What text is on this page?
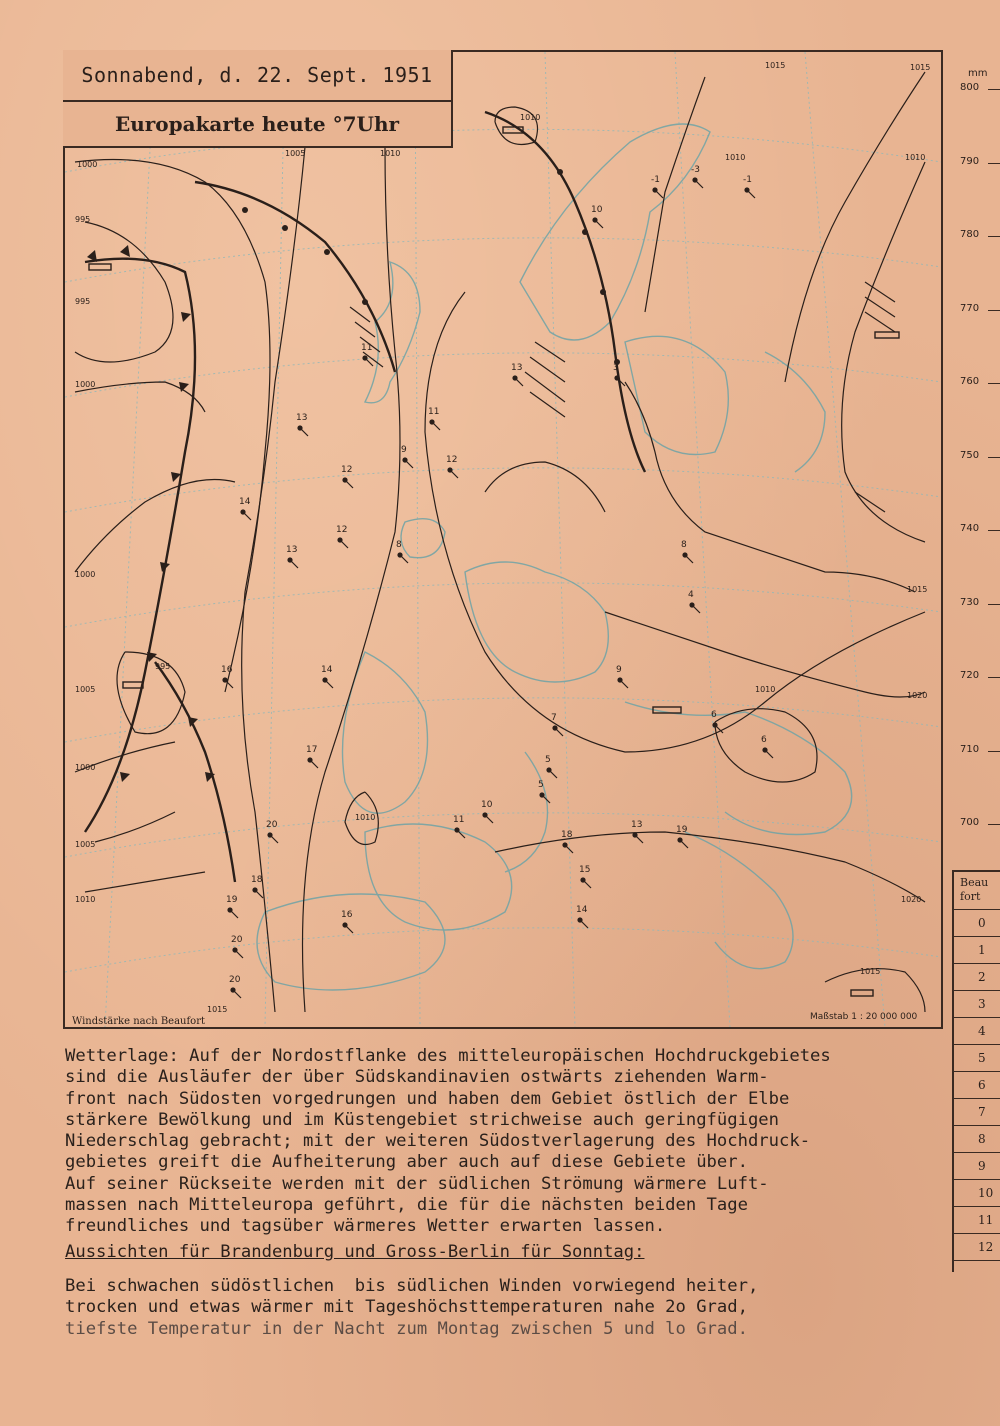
1015	1015
1010
1010
1010
1005	1010
1000
995
995
1000
1000
995
1000
1005
1010
1015
1010
1015
1020
1020
1015
1005	1010
13
12
14
13
12
11
9
11
13
10
12
8
16	14
17
20
18
19
20
20
16
19
14
15
13
18
11
10
7
5
9
3
-1
-3
-1
8
6
4
5
6
Windstärke nach Beaufort	Maßstab 1 : 20 000 000
Sonnabend, d. 22. Sept. 1951
Europakarte heute °7Uhr
mm
800
790
780
770
760
750
740
730
720
710
700
Beau
fort
0
1
2
3
4
5
6
7
8
9
10
11
12
Wetterlage: Auf der Nordostflanke des mitteleuropäischen Hochdruckgebietes
sind die Ausläufer der über Südskandinavien ostwärts ziehenden Warm-
front nach Südosten vorgedrungen und haben dem Gebiet östlich der Elbe
stärkere Bewölkung und im Küstengebiet strichweise auch geringfügigen
Niederschlag gebracht; mit der weiteren Südostverlagerung des Hochdruck-
gebietes greift die Aufheiterung aber auch auf diese Gebiete über.
Auf seiner Rückseite werden mit der südlichen Strömung wärmere Luft-
massen nach Mitteleuropa geführt, die für die nächsten beiden Tage
freundliches und tagsüber wärmeres Wetter erwarten lassen.
Aussichten für Brandenburg und Gross-Berlin für Sonntag:
Bei schwachen südöstlichen  bis südlichen Winden vorwiegend heiter,
trocken und etwas wärmer mit Tageshöchsttemperaturen nahe 2o Grad,
tiefste Temperatur in der Nacht zum Montag zwischen 5 und lo Grad.
